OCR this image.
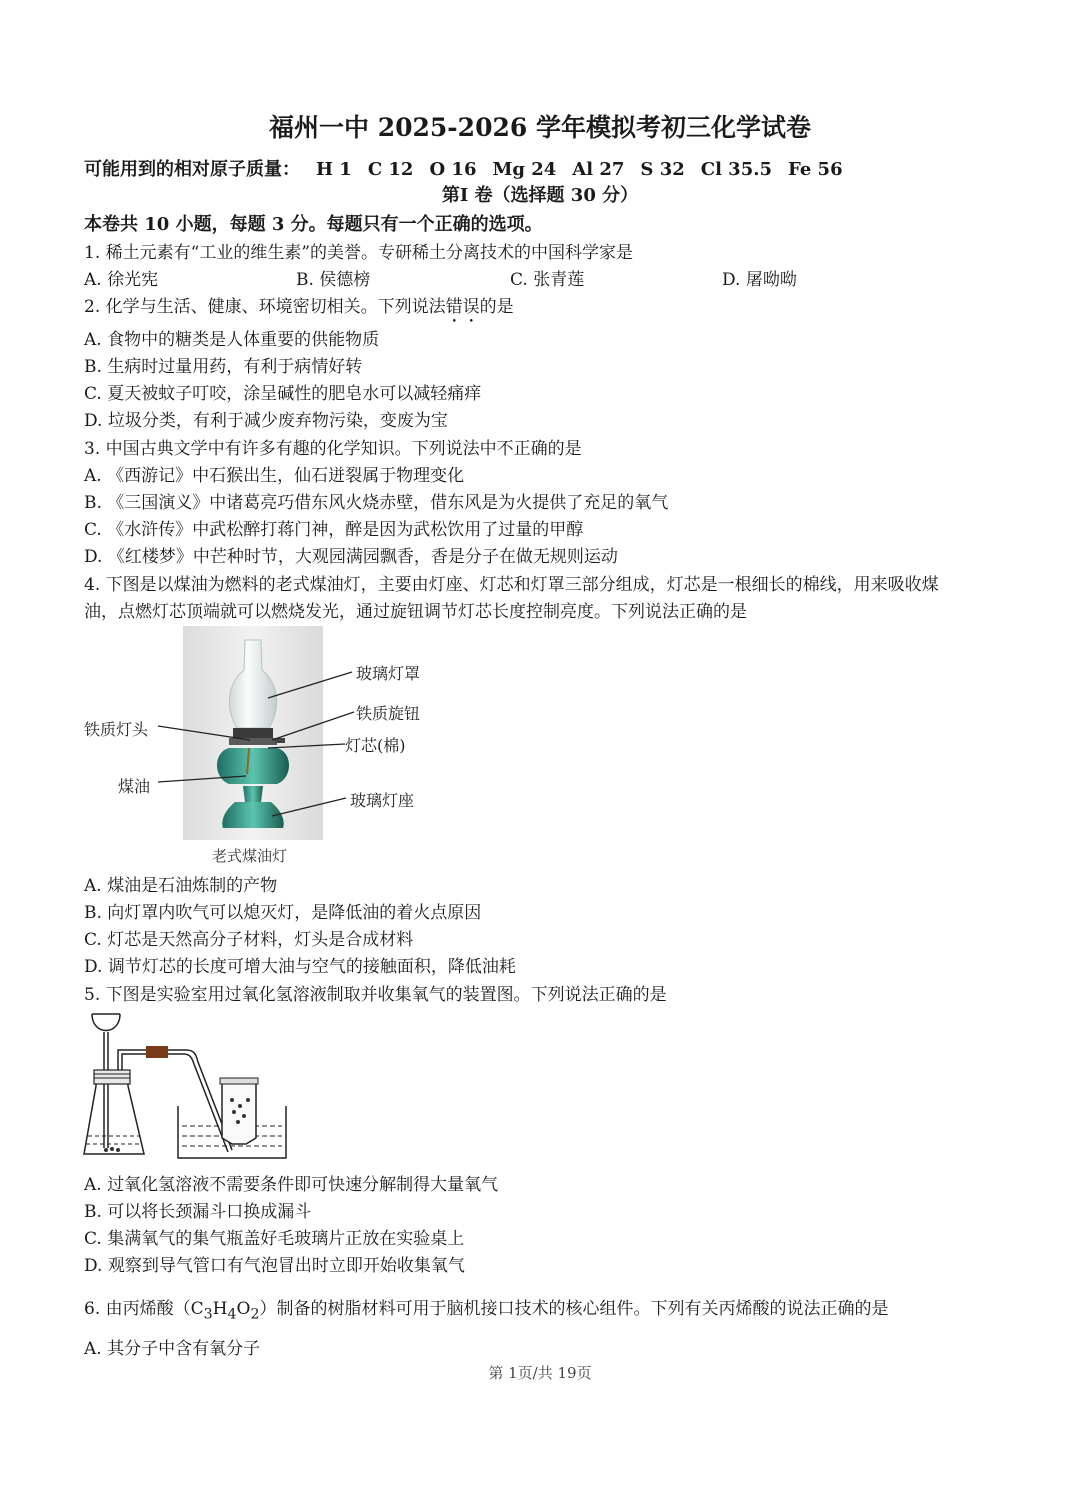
福州一中 2025-2026 学年模拟考初三化学试卷
可能用到的相对原子质量： H 1 C 12 O 16 Mg 24 Al 27 S 32 Cl 35.5 Fe 56
第Ⅰ 卷（选择题 30 分）
本卷共 10 小题，每题 3 分。每题只有一个正确的选项。
1. 稀土元素有“工业的维生素”的美誉。专研稀土分离技术的中国科学家是
A. 徐光宪	B. 侯德榜	C. 张青莲	D. 屠呦呦
2. 化学与生活、健康、环境密切相关。下列说法错误的是
A. 食物中的糖类是人体重要的供能物质
B. 生病时过量用药，有利于病情好转
C. 夏天被蚊子叮咬，涂呈碱性的肥皂水可以减轻痛痒
D. 垃圾分类，有利于减少废弃物污染，变废为宝
3. 中国古典文学中有许多有趣的化学知识。下列说法中不正确的是
A. 《西游记》中石猴出生，仙石迸裂属于物理变化
B. 《三国演义》中诸葛亮巧借东风火烧赤壁，借东风是为火提供了充足的氧气
C. 《水浒传》中武松醉打蒋门神，醉是因为武松饮用了过量的甲醇
D. 《红楼梦》中芒种时节，大观园满园飘香，香是分子在做无规则运动
4. 下图是以煤油为燃料的老式煤油灯，主要由灯座、灯芯和灯罩三部分组成，灯芯是一根细长的棉线，用来吸收煤
油，点燃灯芯顶端就可以燃烧发光，通过旋钮调节灯芯长度控制亮度。下列说法正确的是
玻璃灯罩
铁质旋钮
铁质灯头
灯芯(棉)
煤油
玻璃灯座
老式煤油灯
A. 煤油是石油炼制的产物
B. 向灯罩内吹气可以熄灭灯，是降低油的着火点原因
C. 灯芯是天然高分子材料，灯头是合成材料
D. 调节灯芯的长度可增大油与空气的接触面积，降低油耗
5. 下图是实验室用过氧化氢溶液制取并收集氧气的装置图。下列说法正确的是
A. 过氧化氢溶液不需要条件即可快速分解制得大量氧气
B. 可以将长颈漏斗口换成漏斗
C. 集满氧气的集气瓶盖好毛玻璃片正放在实验桌上
D. 观察到导气管口有气泡冒出时立即开始收集氧气
6. 由丙烯酸$(C_3H_4O_2)$制备的树脂材料可用于脑机接口技术的核心组件。下列有关丙烯酸的说法正确的是
A. 其分子中含有氧分子
第 1页/共 19页
